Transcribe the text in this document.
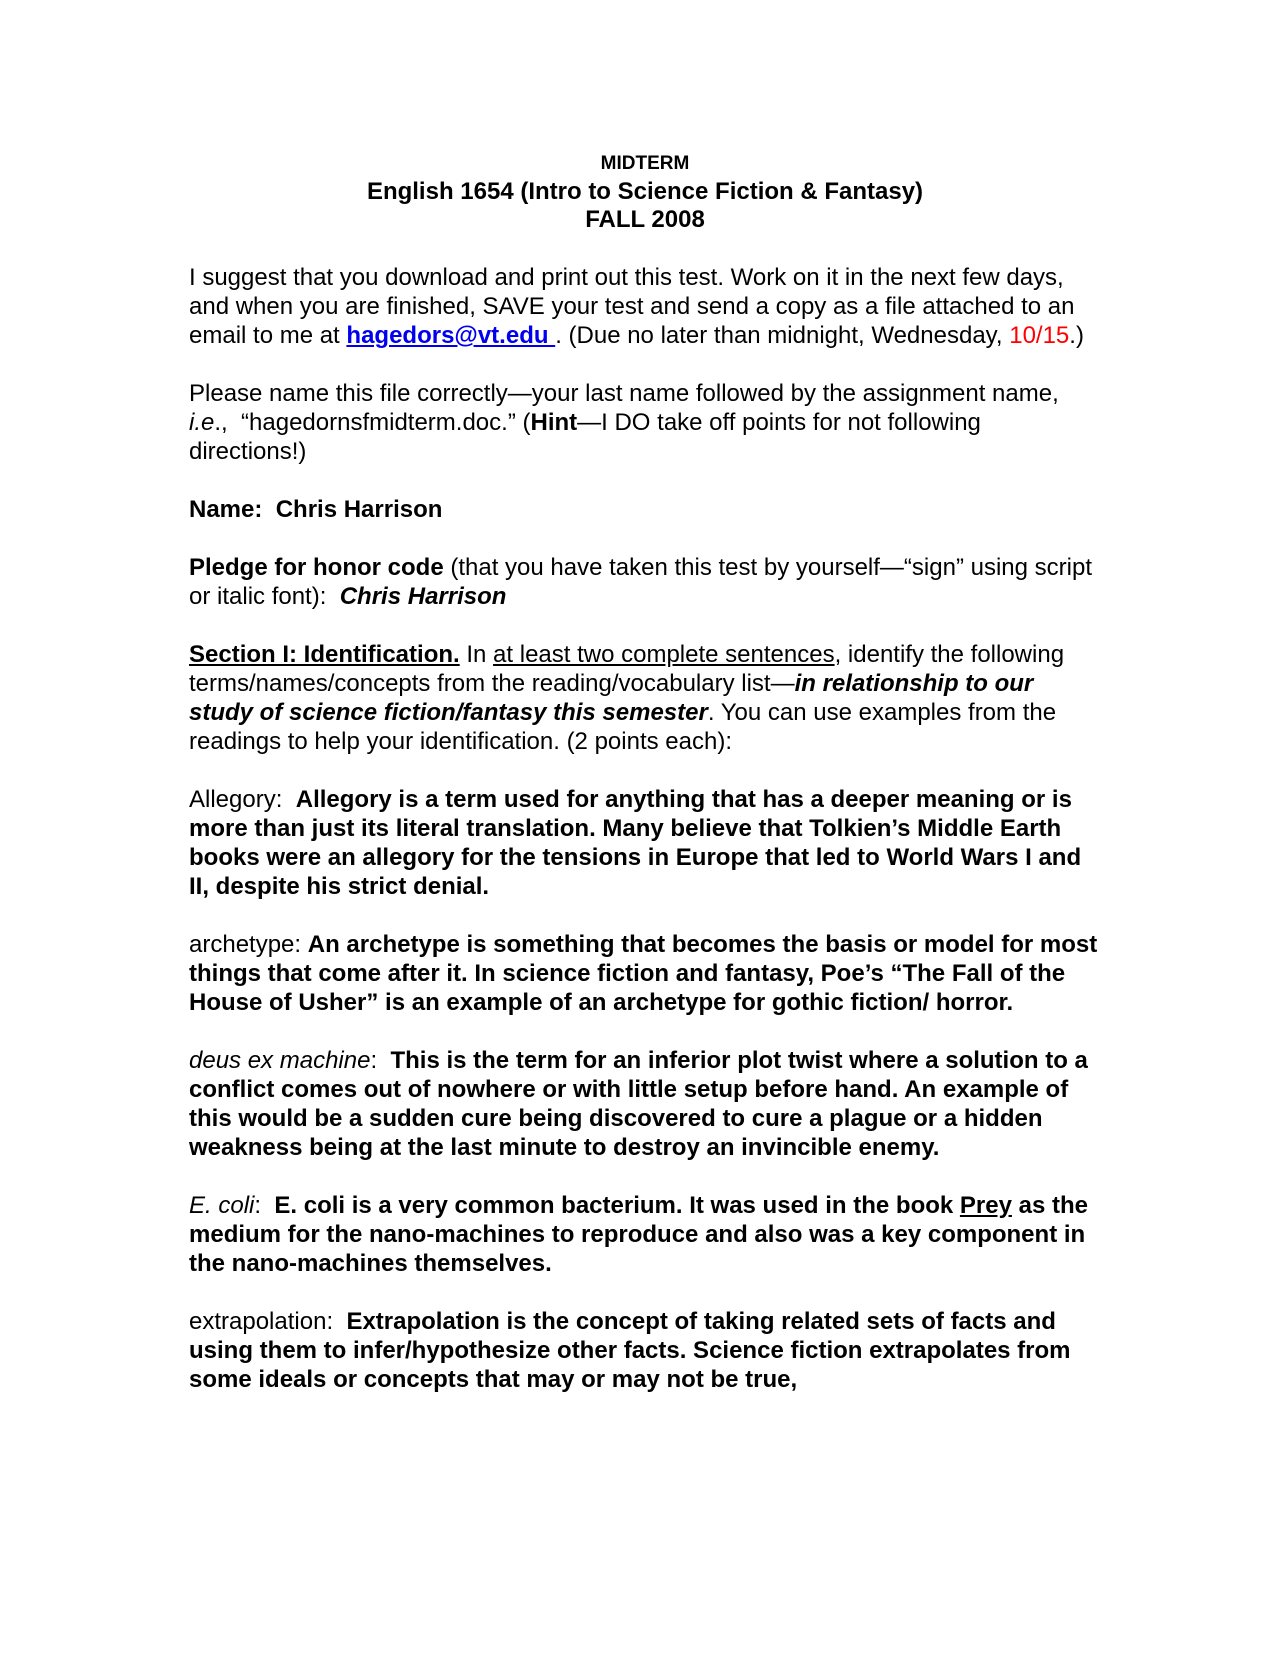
MIDTERM
English 1654 (Intro to Science Fiction & Fantasy)
FALL 2008

I suggest that you download and print out this test. Work on it in the next few days, and when you are finished, SAVE your test and send a copy as a file attached to an email to me at hagedors@vt.edu . (Due no later than midnight, Wednesday, 10/15.)

Please name this file correctly—your last name followed by the assignment name, i.e.,  “hagedornsfmidterm.doc.” (Hint—I DO take off points for not following directions!)

Name: Chris Harrison

Pledge for honor code (that you have taken this test by yourself—“sign” using script or italic font):  Chris Harrison

Section I: Identification. In at least two complete sentences, identify the following terms/names/concepts from the reading/vocabulary list—in relationship to our study of science fiction/fantasy this semester. You can use examples from the readings to help your identification. (2 points each):

Allegory:  Allegory is a term used for anything that has a deeper meaning or is more than just its literal translation. Many believe that Tolkien’s Middle Earth books were an allegory for the tensions in Europe that led to World Wars I and II, despite his strict denial.

archetype: An archetype is something that becomes the basis or model for most things that come after it. In science fiction and fantasy, Poe’s “The Fall of the House of Usher” is an example of an archetype for gothic fiction/ horror.

deus ex machine:  This is the term for an inferior plot twist where a solution to a conflict comes out of nowhere or with little setup before hand. An example of this would be a sudden cure being discovered to cure a plague or a hidden weakness being at the last minute to destroy an invincible enemy.

E. coli:  E. coli is a very common bacterium. It was used in the book Prey as the medium for the nano-machines to reproduce and also was a key component in the nano-machines themselves.

extrapolation:  Extrapolation is the concept of taking related sets of facts and using them to infer/hypothesize other facts. Science fiction extrapolates from some ideals or concepts that may or may not be true,
